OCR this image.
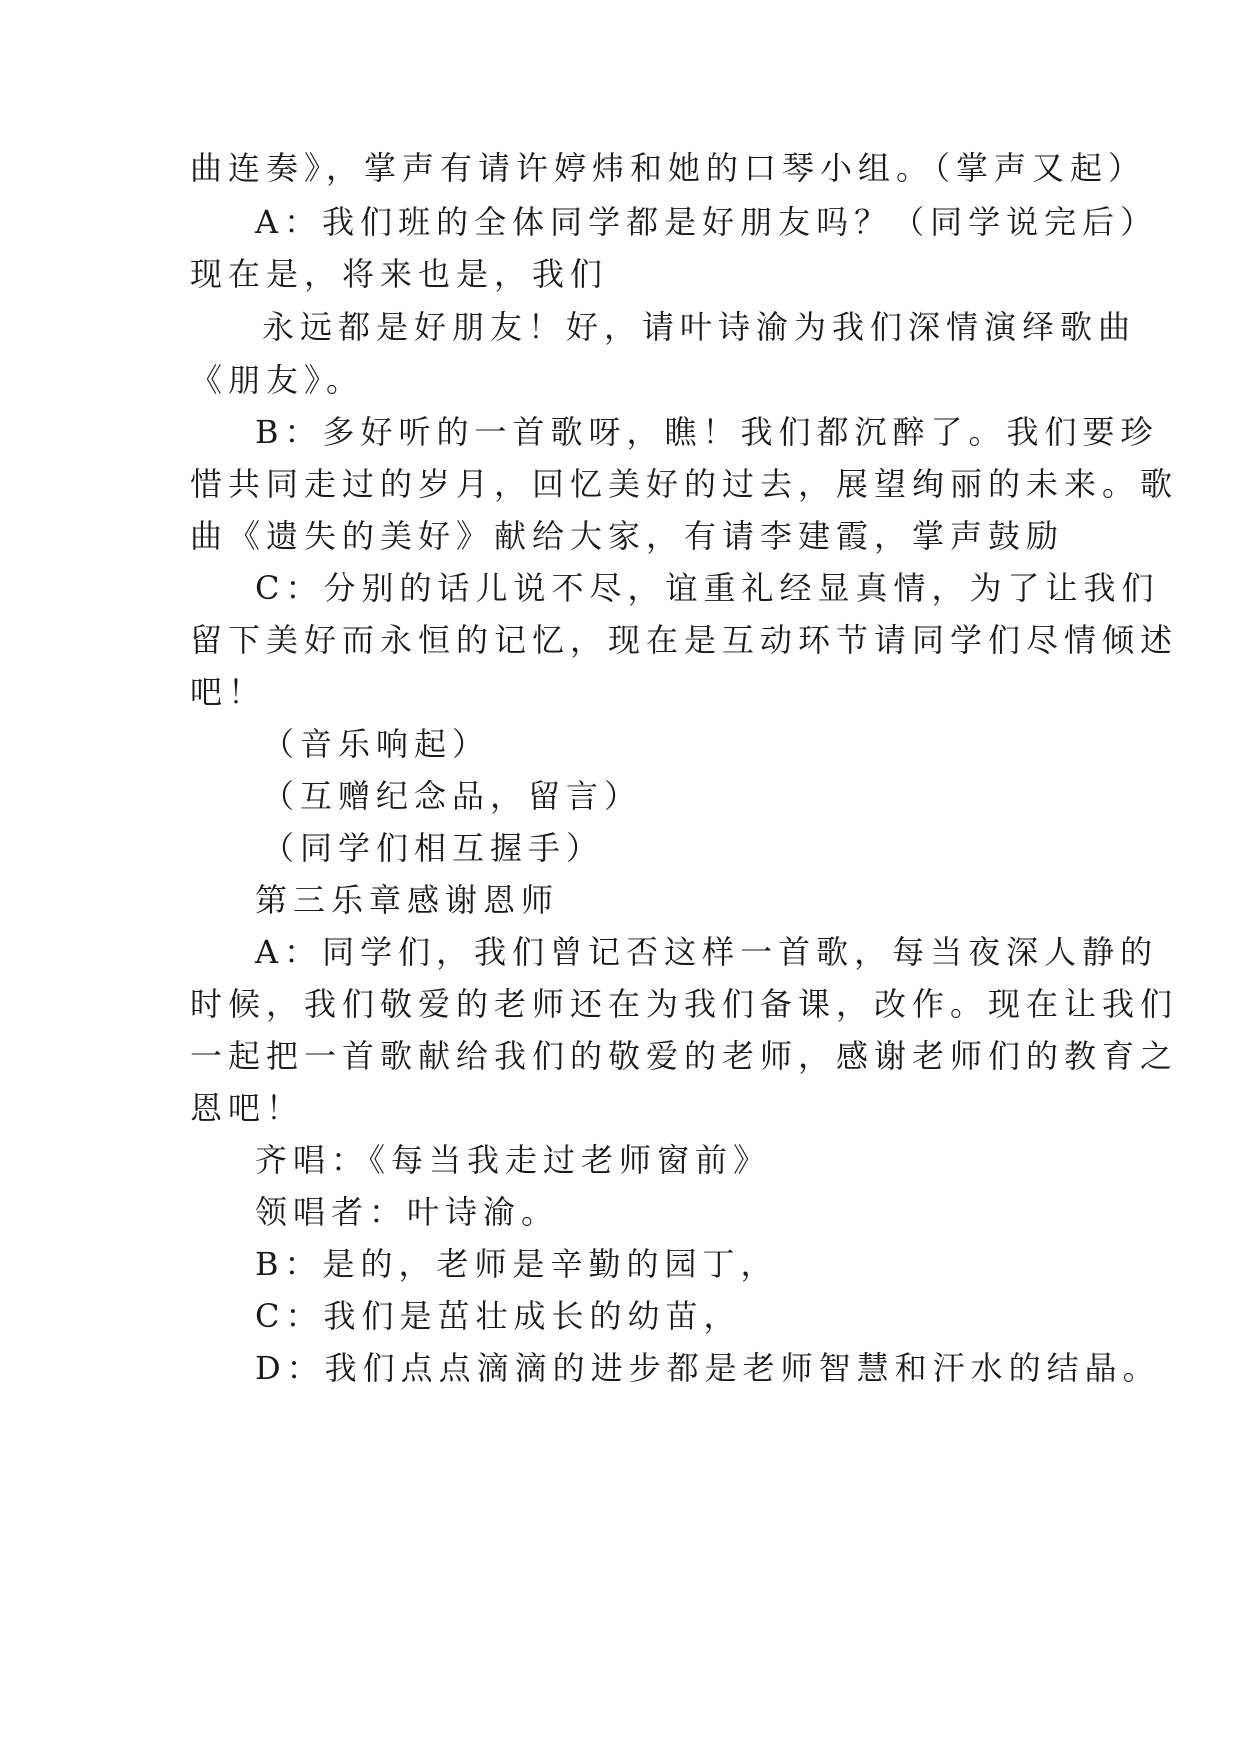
曲连奏》，掌声有请许婷炜和她的口琴小组。（掌声又起）
A：我们班的全体同学都是好朋友吗？（同学说完后）
现在是，将来也是，我们
永远都是好朋友！好，请叶诗渝为我们深情演绎歌曲
《朋友》。
B：多好听的一首歌呀，瞧！我们都沉醉了。我们要珍
惜共同走过的岁月，回忆美好的过去，展望绚丽的未来。歌
曲《遗失的美好》献给大家，有请李建霞，掌声鼓励
C：分别的话儿说不尽，谊重礼经显真情，为了让我们
留下美好而永恒的记忆，现在是互动环节请同学们尽情倾述
吧！
（音乐响起）
（互赠纪念品，留言）
（同学们相互握手）
第三乐章感谢恩师
A：同学们，我们曾记否这样一首歌，每当夜深人静的
时候，我们敬爱的老师还在为我们备课，改作。现在让我们
一起把一首歌献给我们的敬爱的老师，感谢老师们的教育之
恩吧！
齐唱：《每当我走过老师窗前》
领唱者：叶诗渝。
B：是的，老师是辛勤的园丁，
C：我们是茁壮成长的幼苗，
D：我们点点滴滴的进步都是老师智慧和汗水的结晶。
